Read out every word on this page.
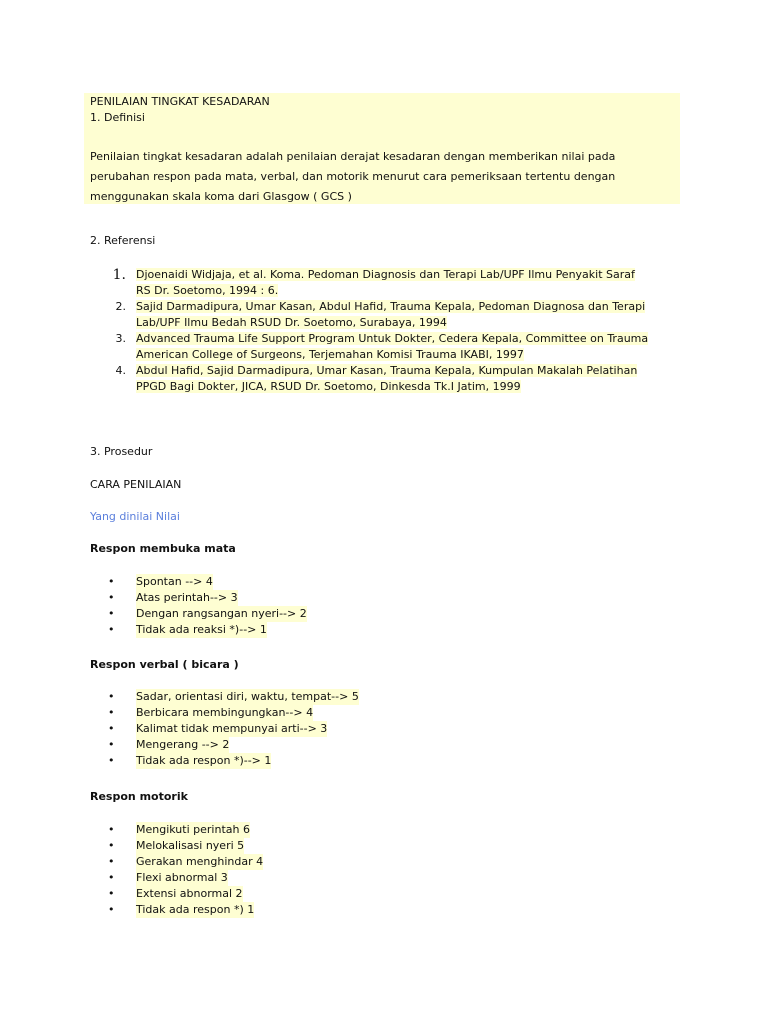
PENILAIAN TINGKAT KESADARAN
1. Definisi
Penilaian tingkat kesadaran adalah penilaian derajat kesadaran dengan memberikan nilai pada
perubahan respon pada mata, verbal, dan motorik menurut cara pemeriksaan tertentu dengan
menggunakan skala koma dari Glasgow ( GCS )
2. Referensi
1. Djoenaidi Widjaja, et al. Koma. Pedoman Diagnosis dan Terapi Lab/UPF Ilmu Penyakit Saraf
RS Dr. Soetomo, 1994 : 6.
2. Sajid Darmadipura, Umar Kasan, Abdul Hafid, Trauma Kepala, Pedoman Diagnosa dan Terapi
Lab/UPF Ilmu Bedah RSUD Dr. Soetomo, Surabaya, 1994
3. Advanced Trauma Life Support Program Untuk Dokter, Cedera Kepala, Committee on Trauma
American College of Surgeons, Terjemahan Komisi Trauma IKABI, 1997
4. Abdul Hafid, Sajid Darmadipura, Umar Kasan, Trauma Kepala, Kumpulan Makalah Pelatihan
PPGD Bagi Dokter, JICA, RSUD Dr. Soetomo, Dinkesda Tk.I Jatim, 1999
3. Prosedur
CARA PENILAIAN
Yang dinilai Nilai
Respon membuka mata
•	Spontan --> 4
•	Atas perintah--> 3
•	Dengan rangsangan nyeri--> 2
•	Tidak ada reaksi *)--> 1
Respon verbal ( bicara )
•	Sadar, orientasi diri, waktu, tempat--> 5
•	Berbicara membingungkan--> 4
•	Kalimat tidak mempunyai arti--> 3
•	Mengerang --> 2
•	Tidak ada respon *)--> 1
Respon motorik
•	Mengikuti perintah 6
•	Melokalisasi nyeri 5
•	Gerakan menghindar 4
•	Flexi abnormal 3
•	Extensi abnormal 2
•	Tidak ada respon *) 1
